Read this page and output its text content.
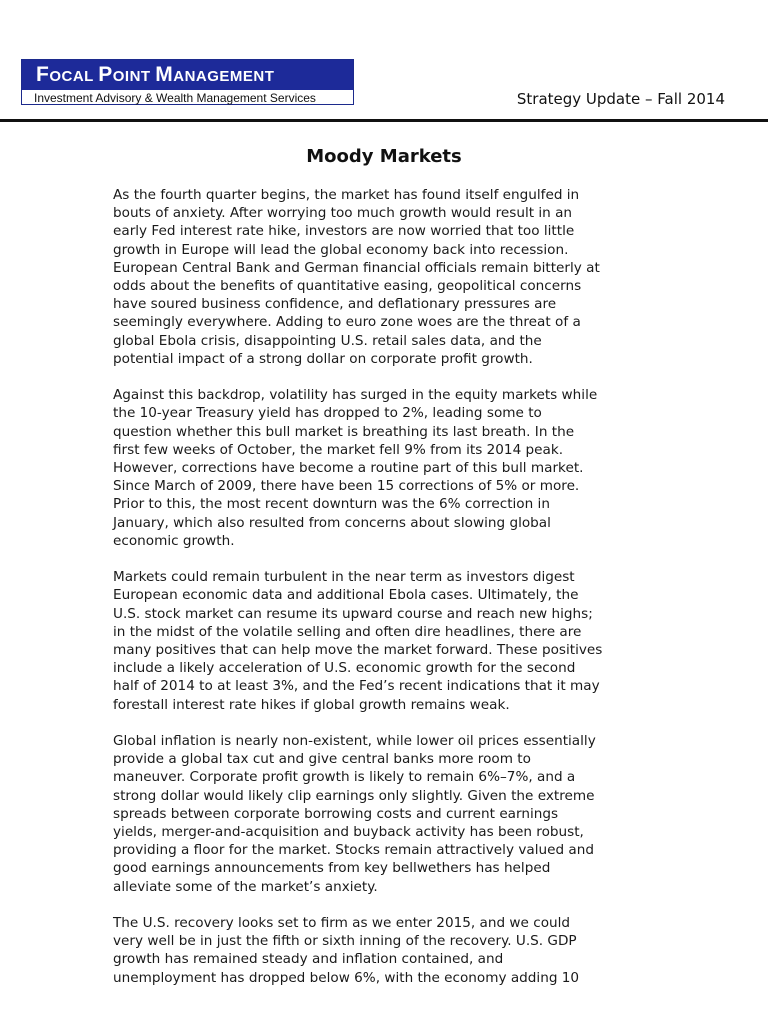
FOCAL POINT MANAGEMENT
Investment Advisory & Wealth Management Services	Strategy Update – Fall 2014
Moody Markets

As the fourth quarter begins, the market has found itself engulfed in
bouts of anxiety. After worrying too much growth would result in an
early Fed interest rate hike, investors are now worried that too little
growth in Europe will lead the global economy back into recession.
European Central Bank and German financial officials remain bitterly at
odds about the benefits of quantitative easing, geopolitical concerns
have soured business confidence, and deflationary pressures are
seemingly everywhere. Adding to euro zone woes are the threat of a
global Ebola crisis, disappointing U.S. retail sales data, and the
potential impact of a strong dollar on corporate profit growth.

Against this backdrop, volatility has surged in the equity markets while
the 10-year Treasury yield has dropped to 2%, leading some to
question whether this bull market is breathing its last breath. In the
first few weeks of October, the market fell 9% from its 2014 peak.
However, corrections have become a routine part of this bull market.
Since March of 2009, there have been 15 corrections of 5% or more.
Prior to this, the most recent downturn was the 6% correction in
January, which also resulted from concerns about slowing global
economic growth.

Markets could remain turbulent in the near term as investors digest
European economic data and additional Ebola cases. Ultimately, the
U.S. stock market can resume its upward course and reach new highs;
in the midst of the volatile selling and often dire headlines, there are
many positives that can help move the market forward. These positives
include a likely acceleration of U.S. economic growth for the second
half of 2014 to at least 3%, and the Fed’s recent indications that it may
forestall interest rate hikes if global growth remains weak.

Global inflation is nearly non-existent, while lower oil prices essentially
provide a global tax cut and give central banks more room to
maneuver. Corporate profit growth is likely to remain 6%–7%, and a
strong dollar would likely clip earnings only slightly. Given the extreme
spreads between corporate borrowing costs and current earnings
yields, merger-and-acquisition and buyback activity has been robust,
providing a floor for the market. Stocks remain attractively valued and
good earnings announcements from key bellwethers has helped
alleviate some of the market’s anxiety.

The U.S. recovery looks set to firm as we enter 2015, and we could
very well be in just the fifth or sixth inning of the recovery. U.S. GDP
growth has remained steady and inflation contained, and
unemployment has dropped below 6%, with the economy adding 10
